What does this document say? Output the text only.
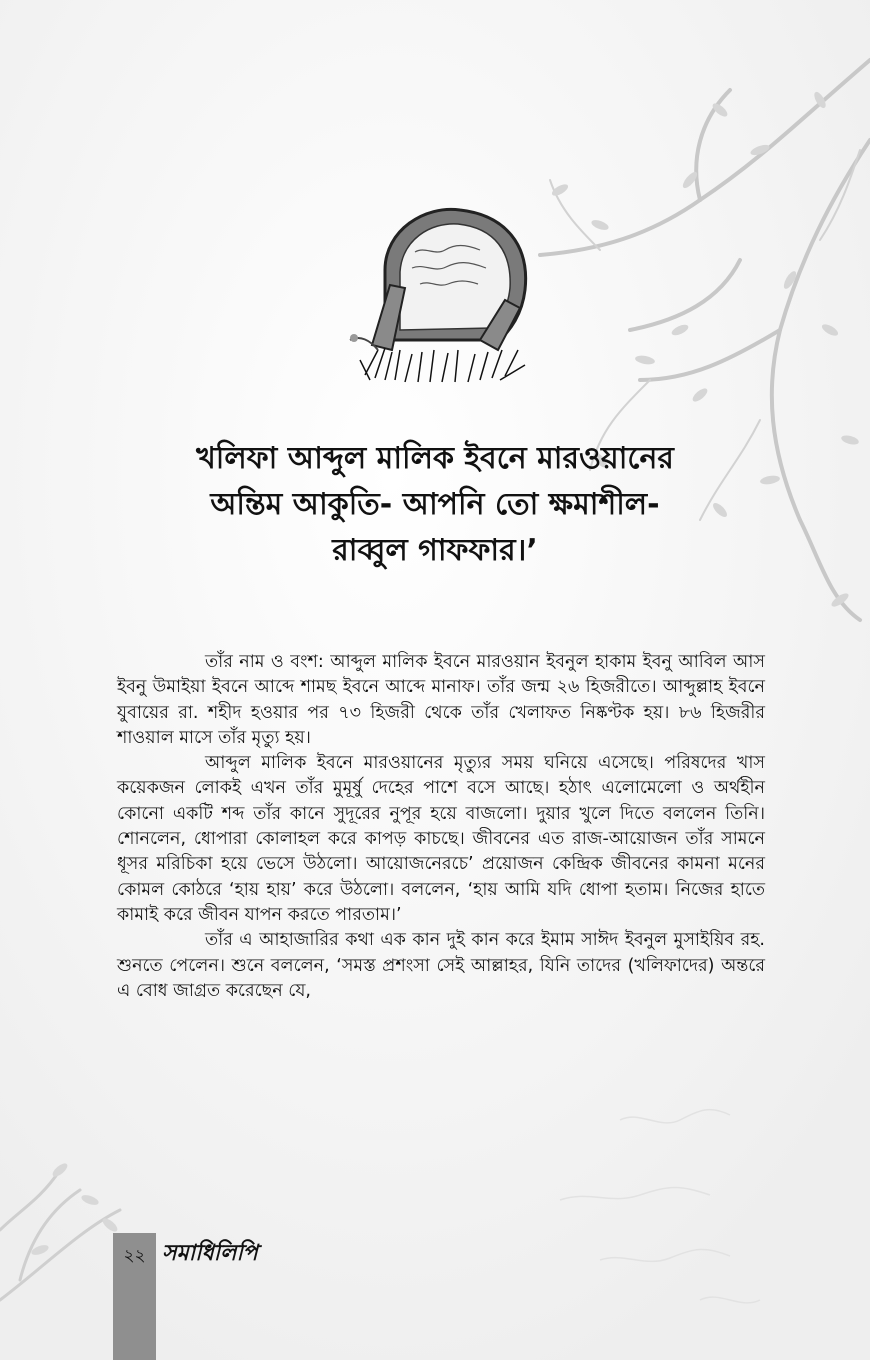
খলিফা আব্দুল মালিক ইবনে মারওয়ানের
অন্তিম আকুতি- আপনি তো ক্ষমাশীল-
রাব্বুল গাফফার।’

তাঁর নাম ও বংশ: আব্দুল মালিক ইবনে মারওয়ান ইবনুল হাকাম ইবনু আবিল আস ইবনু উমাইয়া ইবনে আব্দে শামছ ইবনে আব্দে মানাফ। তাঁর জন্ম ২৬ হিজরীতে। আব্দুল্লাহ ইবনে যুবায়ের রা. শহীদ হওয়ার পর ৭৩ হিজরী থেকে তাঁর খেলাফত নিষ্কণ্টক হয়। ৮৬ হিজরীর শাওয়াল মাসে তাঁর মৃত্যু হয়।

আব্দুল মালিক ইবনে মারওয়ানের মৃত্যুর সময় ঘনিয়ে এসেছে। পরিষদের খাস কয়েকজন লোকই এখন তাঁর মুমূর্ষু দেহের পাশে বসে আছে। হঠাৎ এলোমেলো ও অর্থহীন কোনো একটি শব্দ তাঁর কানে সুদূরের নুপূর হয়ে বাজলো। দুয়ার খুলে দিতে বললেন তিনি। শোনলেন, ধোপারা কোলাহল করে কাপড় কাচছে। জীবনের এত রাজ-আয়োজন তাঁর সামনে ধূসর মরিচিকা হয়ে ভেসে উঠলো। আয়োজনেরচে’ প্রয়োজন কেন্দ্রিক জীবনের কামনা মনের কোমল কোঠরে ‘হায় হায়’ করে উঠলো। বললেন, ‘হায় আমি যদি ধোপা হতাম। নিজের হাতে কামাই করে জীবন যাপন করতে পারতাম।’

তাঁর এ আহাজারির কথা এক কান দুই কান করে ইমাম সাঈদ ইবনুল মুসাইয়িব রহ. শুনতে পেলেন। শুনে বললেন, ‘সমস্ত প্রশংসা সেই আল্লাহর, যিনি তাদের (খলিফাদের) অন্তরে এ বোধ জাগ্রত করেছেন যে,

২২ সমাধিলিপি
